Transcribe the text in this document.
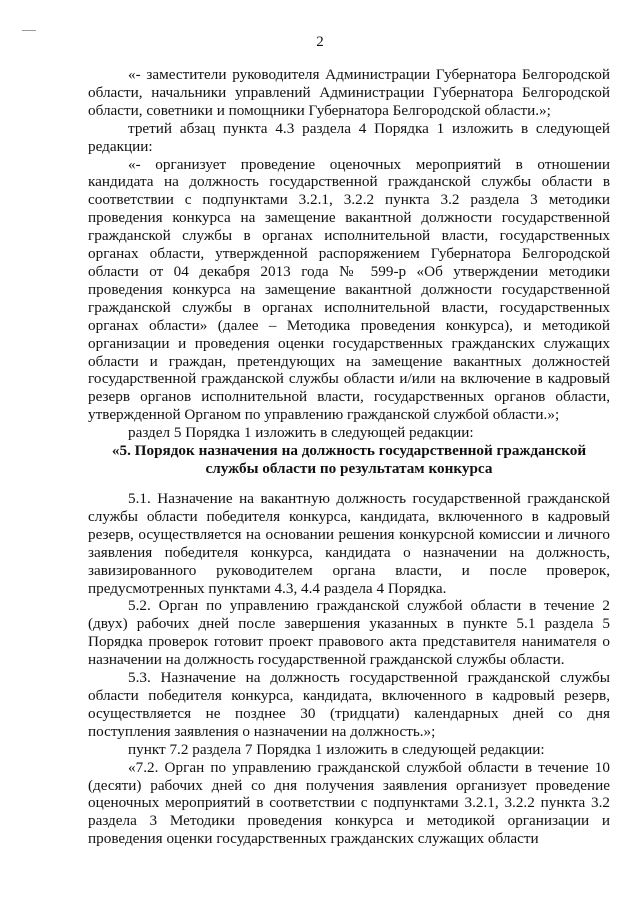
2

«- заместители руководителя Администрации Губернатора Белгородской области, начальники управлений Администрации Губернатора Белгородской области, советники и помощники Губернатора Белгородской области.»;

третий абзац пункта 4.3 раздела 4 Порядка 1 изложить в следующей редакции:

«- организует проведение оценочных мероприятий в отношении кандидата на должность государственной гражданской службы области в соответствии с подпунктами 3.2.1, 3.2.2 пункта 3.2 раздела 3 методики проведения конкурса на замещение вакантной должности государственной гражданской службы в органах исполнительной власти, государственных органах области, утвержденной распоряжением Губернатора Белгородской области от 04 декабря 2013 года № 599-р «Об утверждении методики проведения конкурса на замещение вакантной должности государственной гражданской службы в органах исполнительной власти, государственных органах области» (далее – Методика проведения конкурса), и методикой организации и проведения оценки государственных гражданских служащих области и граждан, претендующих на замещение вакантных должностей государственной гражданской службы области и/или на включение в кадровый резерв органов исполнительной власти, государственных органов области, утвержденной Органом по управлению гражданской службой области.»;

раздел 5 Порядка 1 изложить в следующей редакции:

«5. Порядок назначения на должность государственной гражданской службы области по результатам конкурса

5.1. Назначение на вакантную должность государственной гражданской службы области победителя конкурса, кандидата, включенного в кадровый резерв, осуществляется на основании решения конкурсной комиссии и личного заявления победителя конкурса, кандидата о назначении на должность, завизированного руководителем органа власти, и после проверок, предусмотренных пунктами 4.3, 4.4 раздела 4 Порядка.

5.2. Орган по управлению гражданской службой области в течение 2 (двух) рабочих дней после завершения указанных в пункте 5.1 раздела 5 Порядка проверок готовит проект правового акта представителя нанимателя о назначении на должность государственной гражданской службы области.

5.3. Назначение на должность государственной гражданской службы области победителя конкурса, кандидата, включенного в кадровый резерв, осуществляется не позднее 30 (тридцати) календарных дней со дня поступления заявления о назначении на должность.»;

пункт 7.2 раздела 7 Порядка 1 изложить в следующей редакции:

«7.2. Орган по управлению гражданской службой области в течение 10 (десяти) рабочих дней со дня получения заявления организует проведение оценочных мероприятий в соответствии с подпунктами 3.2.1, 3.2.2 пункта 3.2 раздела 3 Методики проведения конкурса и методикой организации и проведения оценки государственных гражданских служащих области
